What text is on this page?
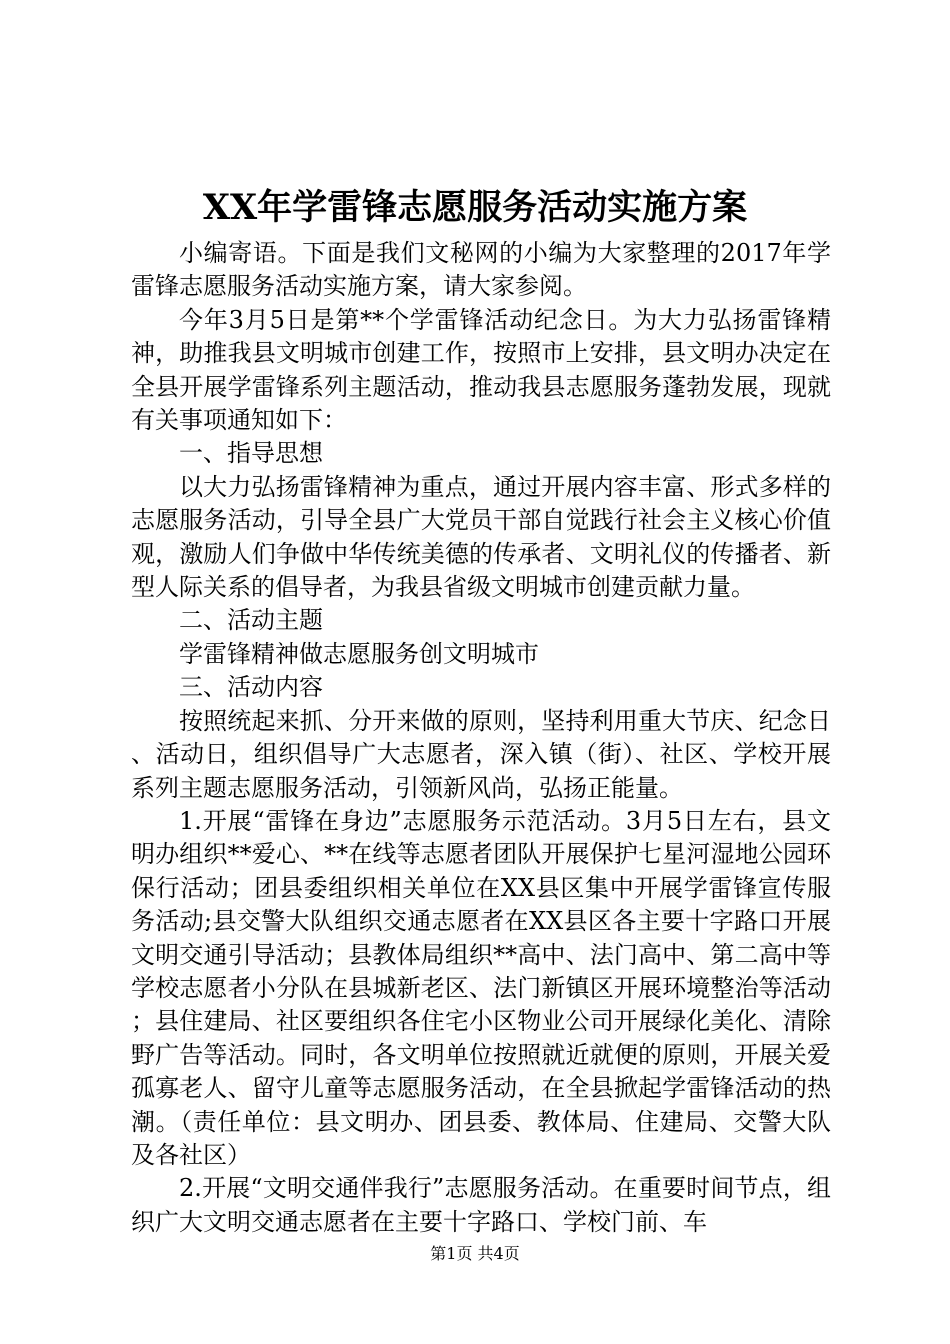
XX年学雷锋志愿服务活动实施方案

小编寄语。下面是我们文秘网的小编为大家整理的2017年学雷锋志愿服务活动实施方案，请大家参阅。

今年3月5日是第**个学雷锋活动纪念日。为大力弘扬雷锋精神，助推我县文明城市创建工作，按照市上安排，县文明办决定在全县开展学雷锋系列主题活动，推动我县志愿服务蓬勃发展，现就有关事项通知如下：

一、指导思想

以大力弘扬雷锋精神为重点，通过开展内容丰富、形式多样的志愿服务活动，引导全县广大党员干部自觉践行社会主义核心价值观，激励人们争做中华传统美德的传承者、文明礼仪的传播者、新型人际关系的倡导者，为我县省级文明城市创建贡献力量。

二、活动主题

学雷锋精神做志愿服务创文明城市

三、活动内容

按照统起来抓、分开来做的原则，坚持利用重大节庆、纪念日、活动日，组织倡导广大志愿者，深入镇（街）、社区、学校开展系列主题志愿服务活动，引领新风尚，弘扬正能量。

1.开展“雷锋在身边”志愿服务示范活动。3月5日左右，县文明办组织**爱心、**在线等志愿者团队开展保护七星河湿地公园环保行活动；团县委组织相关单位在XX县区集中开展学雷锋宣传服务活动;县交警大队组织交通志愿者在XX县区各主要十字路口开展文明交通引导活动；县教体局组织**高中、法门高中、第二高中等学校志愿者小分队在县城新老区、法门新镇区开展环境整治等活动；县住建局、社区要组织各住宅小区物业公司开展绿化美化、清除野广告等活动。同时，各文明单位按照就近就便的原则，开展关爱孤寡老人、留守儿童等志愿服务活动，在全县掀起学雷锋活动的热潮。（责任单位：县文明办、团县委、教体局、住建局、交警大队及各社区）

2.开展“文明交通伴我行”志愿服务活动。在重要时间节点，组织广大文明交通志愿者在主要十字路口、学校门前、车

第1页 共4页
